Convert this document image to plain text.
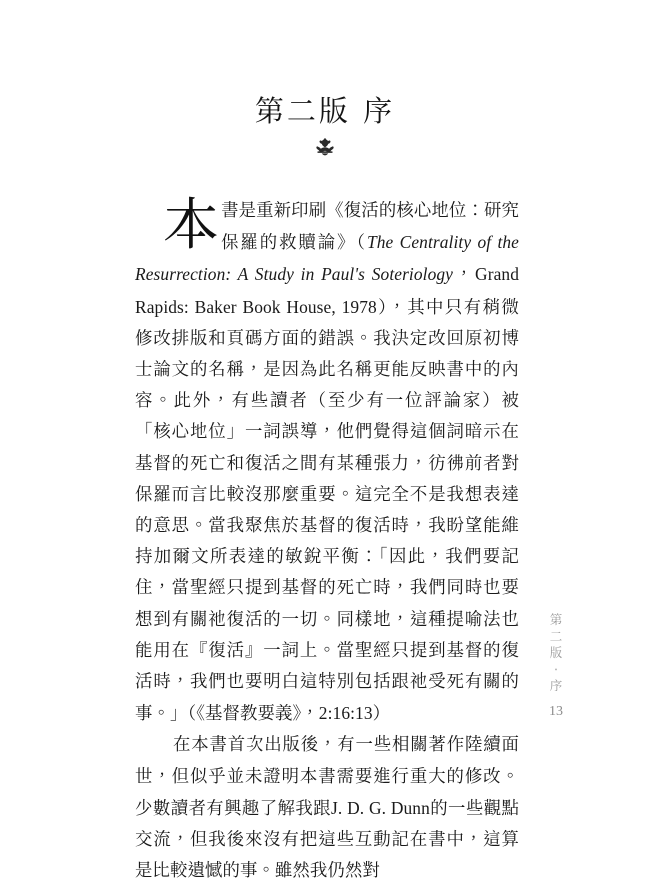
第二版 序

本書是重新印刷《復活的核心地位：研究保羅的救贖論》（The Centrality of the Resurrection: A Study in Paul's Soteriology，Grand Rapids: Baker Book House, 1978），其中只有稍微修改排版和頁碼方面的錯誤。我決定改回原初博士論文的名稱，是因為此名稱更能反映書中的內容。此外，有些讀者（至少有一位評論家）被「核心地位」一詞誤導，他們覺得這個詞暗示在基督的死亡和復活之間有某種張力，彷彿前者對保羅而言比較沒那麼重要。這完全不是我想表達的意思。當我聚焦於基督的復活時，我盼望能維持加爾文所表達的敏銳平衡：「因此，我們要記住，當聖經只提到基督的死亡時，我們同時也要想到有關祂復活的一切。同樣地，這種提喻法也能用在『復活』一詞上。當聖經只提到基督的復活時，我們也要明白這特別包括跟祂受死有關的事。」（《基督教要義》，2:16:13）

在本書首次出版後，有一些相關著作陸續面世，但似乎並未證明本書需要進行重大的修改。少數讀者有興趣了解我跟J. D. G. Dunn的一些觀點交流，但我後來沒有把這些互動記在書中，這算是比較遺憾的事。雖然我仍然對

第
二
版
‧
序
13
